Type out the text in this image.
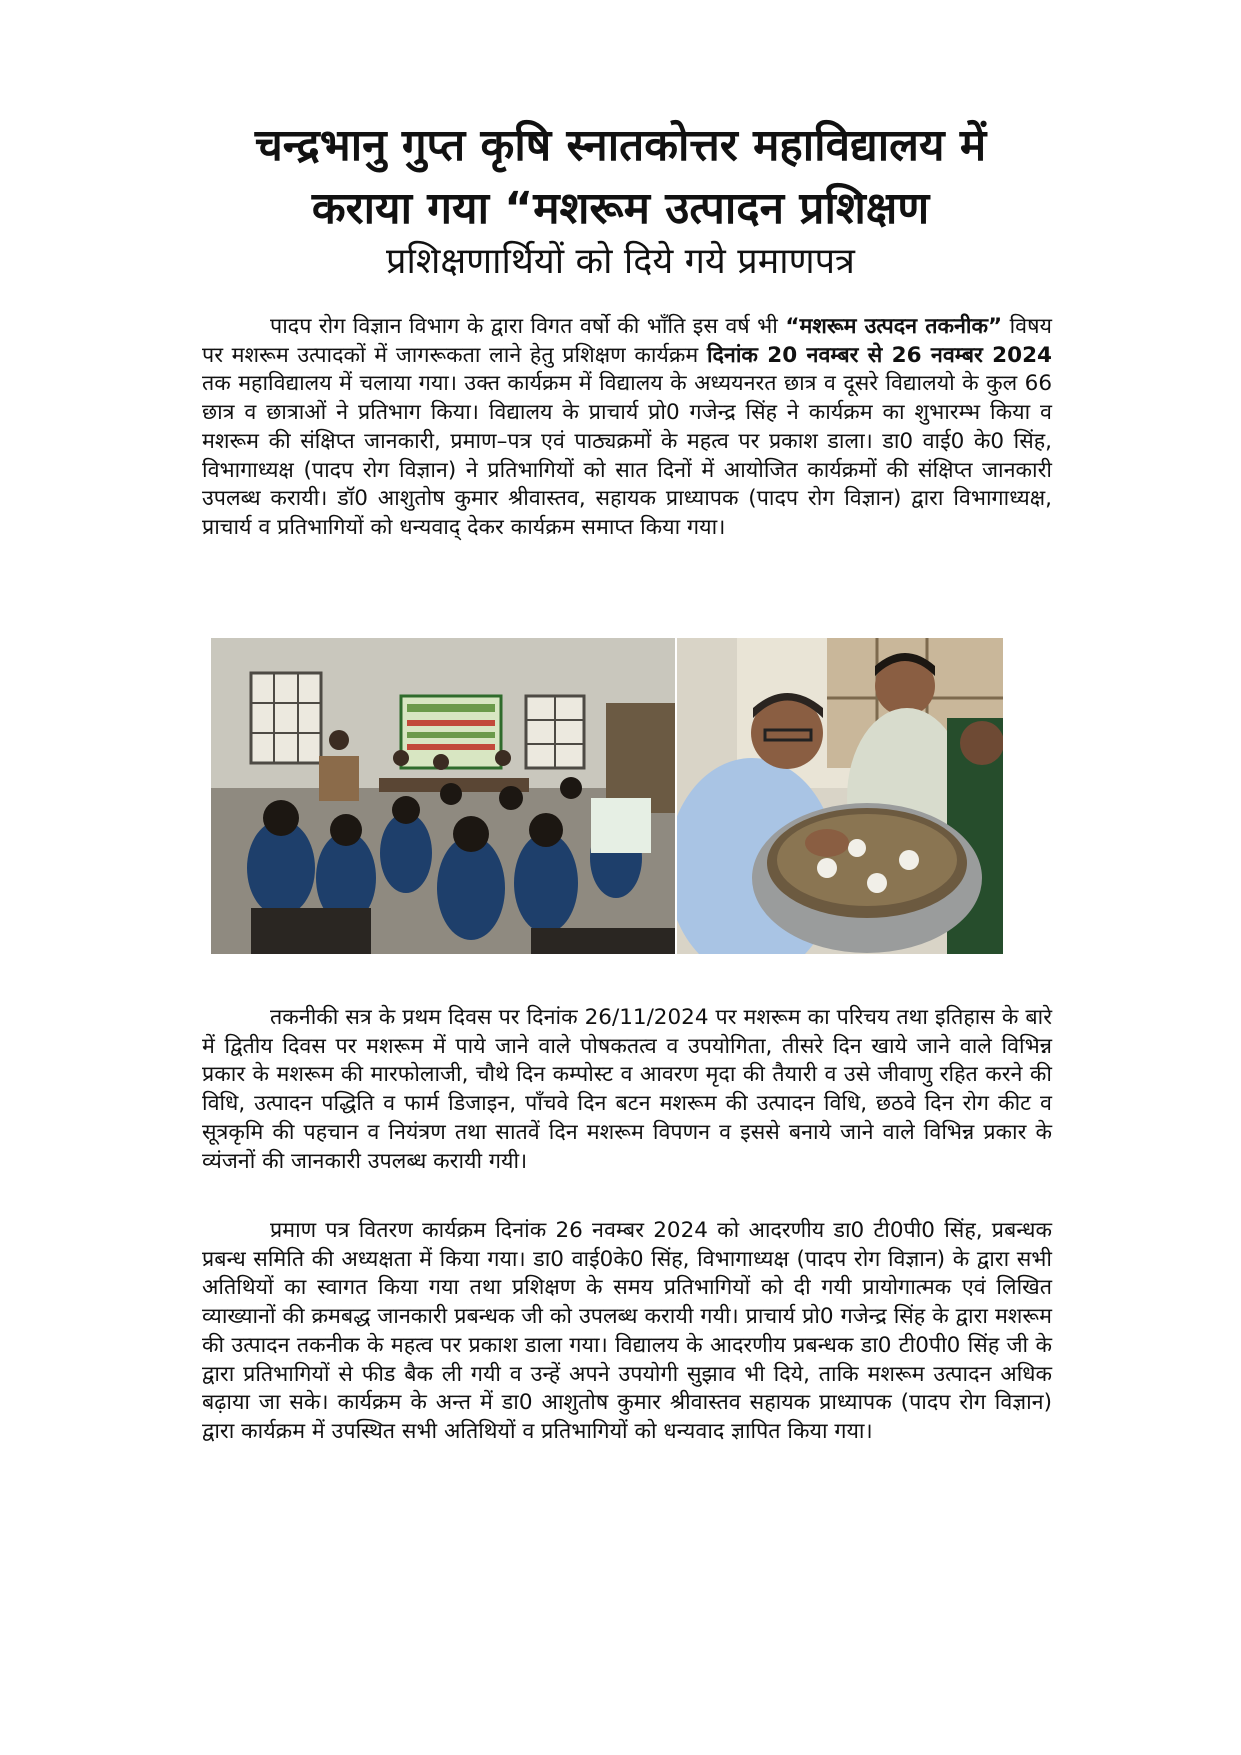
चन्द्रभानु गुप्त कृषि स्नातकोत्तर महाविद्यालय में
कराया गया “मशरूम उत्पादन प्रशिक्षण
प्रशिक्षणार्थियों को दिये गये प्रमाणपत्र

पादप रोग विज्ञान विभाग के द्वारा विगत वर्षो की भाँति इस वर्ष भी “मशरूम उत्पदन तकनीक” विषय पर मशरूम उत्पादकों में जागरूकता लाने हेतु प्रशिक्षण कार्यक्रम दिनांक 20 नवम्बर से 26 नवम्बर 2024 तक महाविद्यालय में चलाया गया। उक्त कार्यक्रम में विद्यालय के अध्ययनरत छात्र व दूसरे विद्यालयो के कुल 66 छात्र व छात्राओं ने प्रतिभाग किया। विद्यालय के प्राचार्य प्रो0 गजेन्द्र सिंह ने कार्यक्रम का शुभारम्भ किया व मशरूम की संक्षिप्त जानकारी, प्रमाण–पत्र एवं पाठ्यक्रमों के महत्व पर प्रकाश डाला। डा0 वाई0 के0 सिंह, विभागाध्यक्ष (पादप रोग विज्ञान) ने प्रतिभागियों को सात दिनों में आयोजित कार्यक्रमों की संक्षिप्त जानकारी उपलब्ध करायी। डॉ0 आशुतोष कुमार श्रीवास्तव, सहायक प्राध्यापक (पादप रोग विज्ञान) द्वारा विभागाध्यक्ष, प्राचार्य व प्रतिभागियों को धन्यवाद् देकर कार्यक्रम समाप्त किया गया।

तकनीकी सत्र के प्रथम दिवस पर दिनांक 26/11/2024 पर मशरूम का परिचय तथा इतिहास के बारे में द्वितीय दिवस पर मशरूम में पाये जाने वाले पोषकतत्व व उपयोगिता, तीसरे दिन खाये जाने वाले विभिन्न प्रकार के मशरूम की मारफोलाजी, चौथे दिन कम्पोस्ट व आवरण मृदा की तैयारी व उसे जीवाणु रहित करने की विधि, उत्पादन पद्धिति व फार्म डिजाइन, पाँचवे दिन बटन मशरूम की उत्पादन विधि, छठवे दिन रोग कीट व सूत्रकृमि की पहचान व नियंत्रण तथा सातवें दिन मशरूम विपणन व इससे बनाये जाने वाले विभिन्न प्रकार के व्यंजनों की जानकारी उपलब्ध करायी गयी।

प्रमाण पत्र वितरण कार्यक्रम दिनांक 26 नवम्बर 2024 को आदरणीय डा0 टी0पी0 सिंह, प्रबन्धक प्रबन्ध समिति की अध्यक्षता में किया गया। डा0 वाई0के0 सिंह, विभागाध्यक्ष (पादप रोग विज्ञान) के द्वारा सभी अतिथियों का स्वागत किया गया तथा प्रशिक्षण के समय प्रतिभागियों को दी गयी प्रायोगात्मक एवं लिखित व्याख्यानों की क्रमबद्ध जानकारी प्रबन्धक जी को उपलब्ध करायी गयी। प्राचार्य प्रो0 गजेन्द्र सिंह के द्वारा मशरूम की उत्पादन तकनीक के महत्व पर प्रकाश डाला गया। विद्यालय के आदरणीय प्रबन्धक डा0 टी0पी0 सिंह जी के द्वारा प्रतिभागियों से फीड बैक ली गयी व उन्हें अपने उपयोगी सुझाव भी दिये, ताकि मशरूम उत्पादन अधिक बढ़ाया जा सके। कार्यक्रम के अन्त में डा0 आशुतोष कुमार श्रीवास्तव सहायक प्राध्यापक (पादप रोग विज्ञान) द्वारा कार्यक्रम में उपस्थित सभी अतिथियों व प्रतिभागियों को धन्यवाद ज्ञापित किया गया।
